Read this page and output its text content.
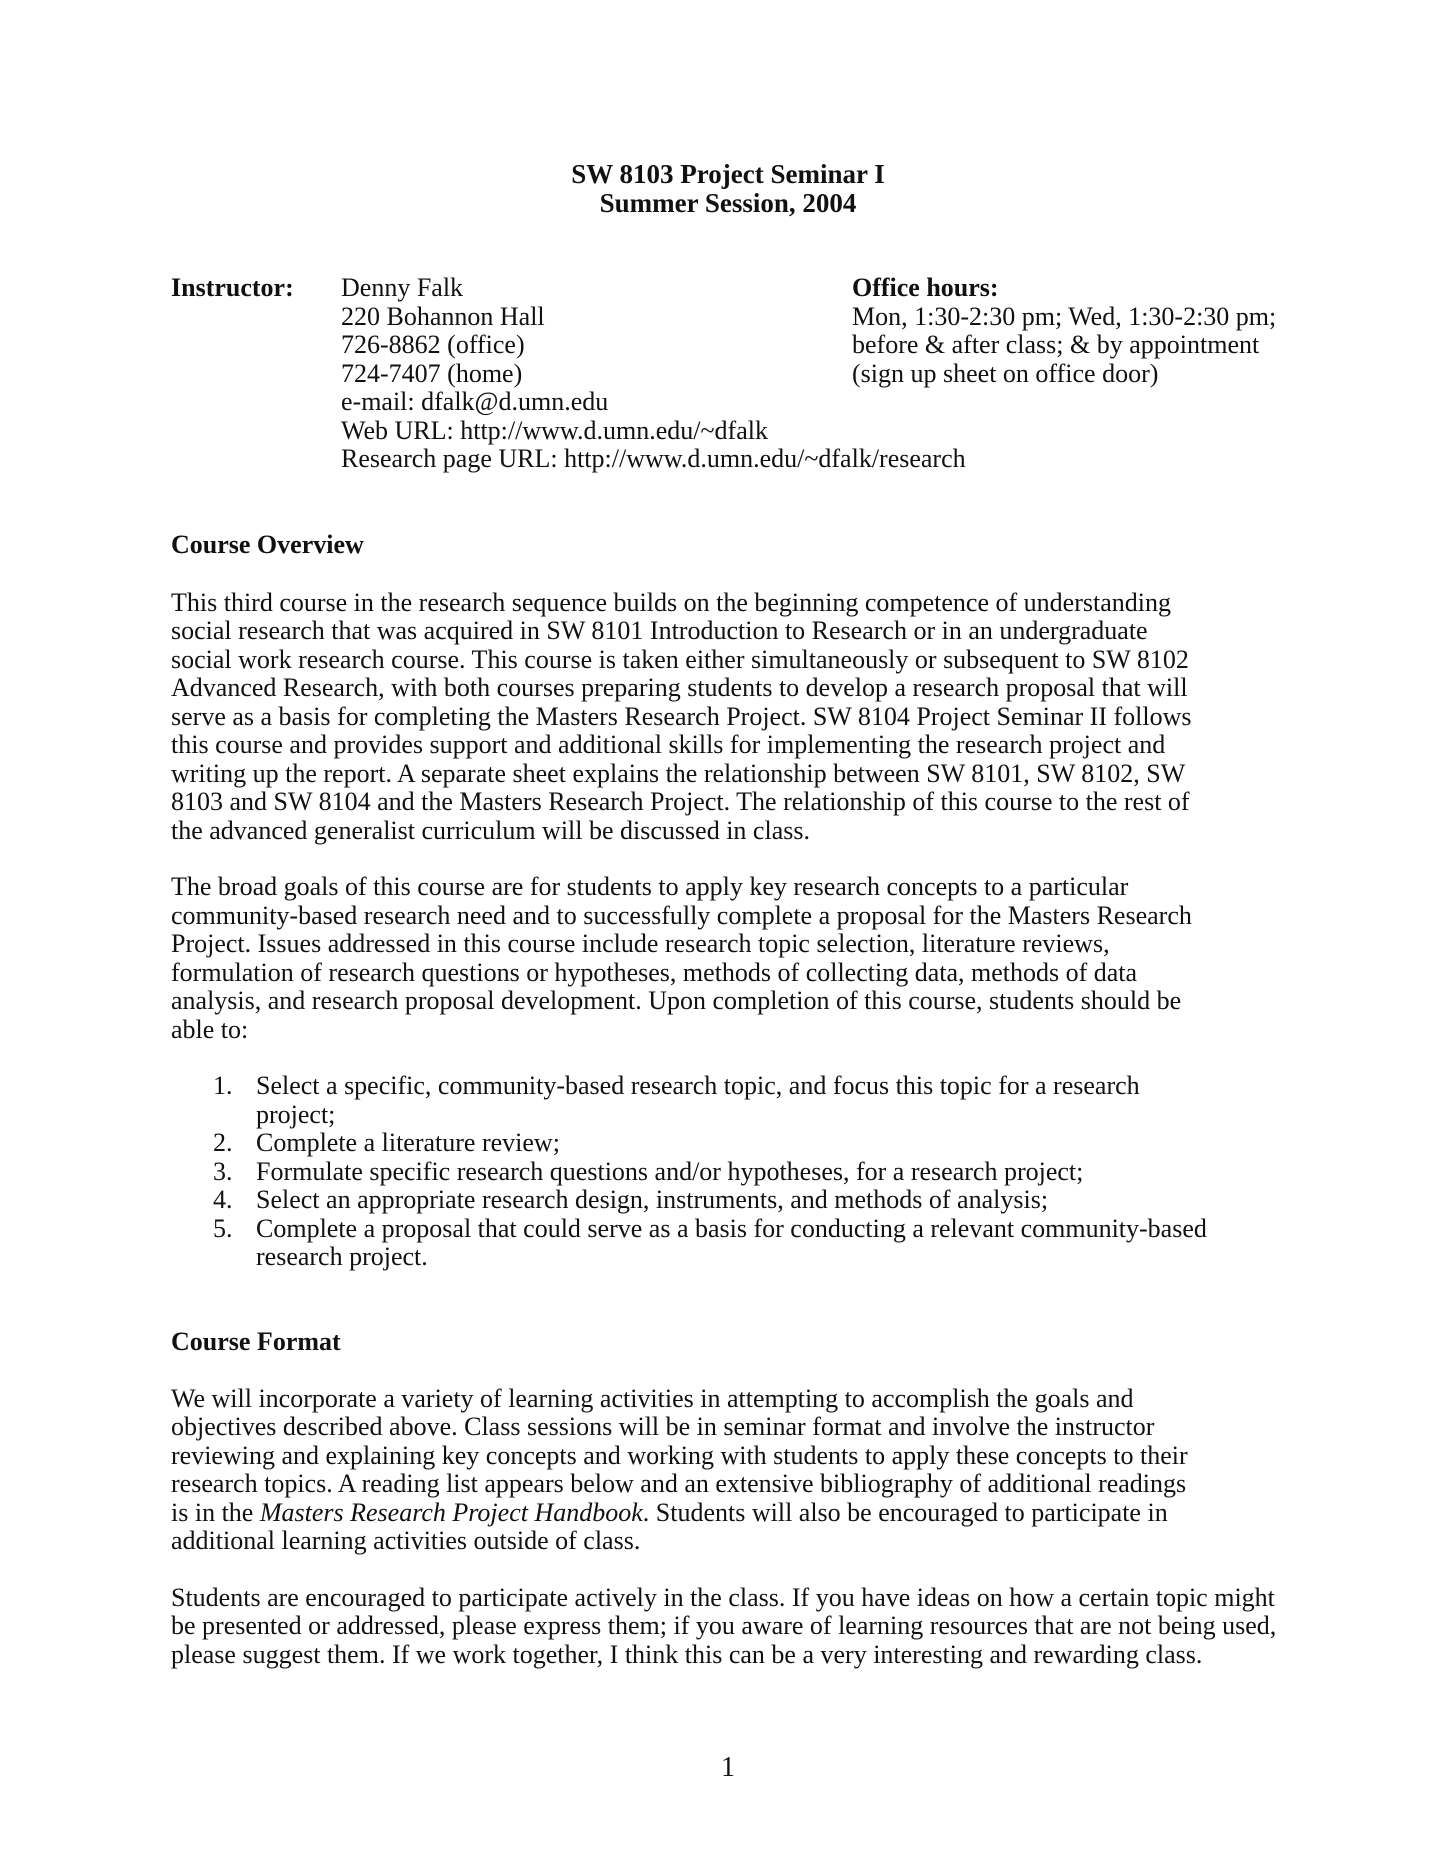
SW 8103 Project Seminar I
Summer Session, 2004
Instructor: Denny Falk
220 Bohannon Hall
726-8862 (office)
724-7407 (home)
e-mail: dfalk@d.umn.edu
Web URL: http://www.d.umn.edu/~dfalk
Research page URL: http://www.d.umn.edu/~dfalk/research
Office hours:
Mon, 1:30-2:30 pm; Wed, 1:30-2:30 pm;
before & after class; & by appointment
(sign up sheet on office door)
Course Overview

This third course in the research sequence builds on the beginning competence of understanding
social research that was acquired in SW 8101 Introduction to Research or in an undergraduate
social work research course. This course is taken either simultaneously or subsequent to SW 8102
Advanced Research, with both courses preparing students to develop a research proposal that will
serve as a basis for completing the Masters Research Project. SW 8104 Project Seminar II follows
this course and provides support and additional skills for implementing the research project and
writing up the report. A separate sheet explains the relationship between SW 8101, SW 8102, SW
8103 and SW 8104 and the Masters Research Project. The relationship of this course to the rest of
the advanced generalist curriculum will be discussed in class.

The broad goals of this course are for students to apply key research concepts to a particular
community-based research need and to successfully complete a proposal for the Masters Research
Project. Issues addressed in this course include research topic selection, literature reviews,
formulation of research questions or hypotheses, methods of collecting data, methods of data
analysis, and research proposal development. Upon completion of this course, students should be
able to:

1. Select a specific, community-based research topic, and focus this topic for a research
project;
2. Complete a literature review;
3. Formulate specific research questions and/or hypotheses, for a research project;
4. Select an appropriate research design, instruments, and methods of analysis;
5. Complete a proposal that could serve as a basis for conducting a relevant community-based
research project.
Course Format

We will incorporate a variety of learning activities in attempting to accomplish the goals and
objectives described above. Class sessions will be in seminar format and involve the instructor
reviewing and explaining key concepts and working with students to apply these concepts to their
research topics. A reading list appears below and an extensive bibliography of additional readings
is in the Masters Research Project Handbook. Students will also be encouraged to participate in
additional learning activities outside of class.

Students are encouraged to participate actively in the class. If you have ideas on how a certain topic might
be presented or addressed, please express them; if you aware of learning resources that are not being used,
please suggest them. If we work together, I think this can be a very interesting and rewarding class.

1
